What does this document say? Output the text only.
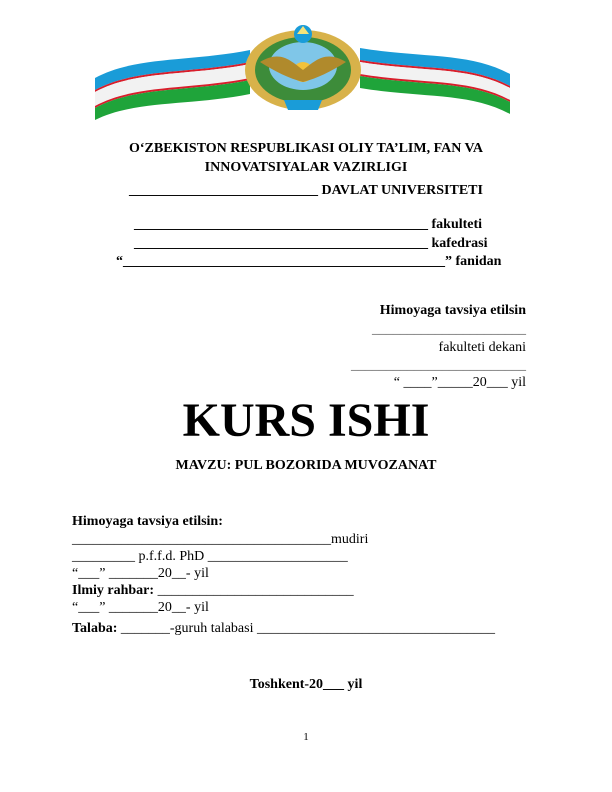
O‘ZBEKISTON RESPUBLIKASI OLIY TA’LIM, FAN VA
INNOVATSIYALAR VAZIRLIGI
___________________________ DAVLAT UNIVERSITETI
__________________________________________ fakulteti
__________________________________________ kafedrasi
“______________________________________________” fanidan
Himoyaga tavsiya etilsin
______________________
fakulteti dekani
_________________________
“ ____”_____20___ yil
KURS ISHI
MAVZU: PUL BOZORIDA MUVOZANAT
Himoyaga tavsiya etilsin:
_____________________________________mudiri
_________ p.f.f.d. PhD ____________________
“___” _______20__- yil
Ilmiy rahbar: ____________________________
“___” _______20__- yil
Talaba: _______-guruh talabasi __________________________________
Toshkent-20___ yil
1
